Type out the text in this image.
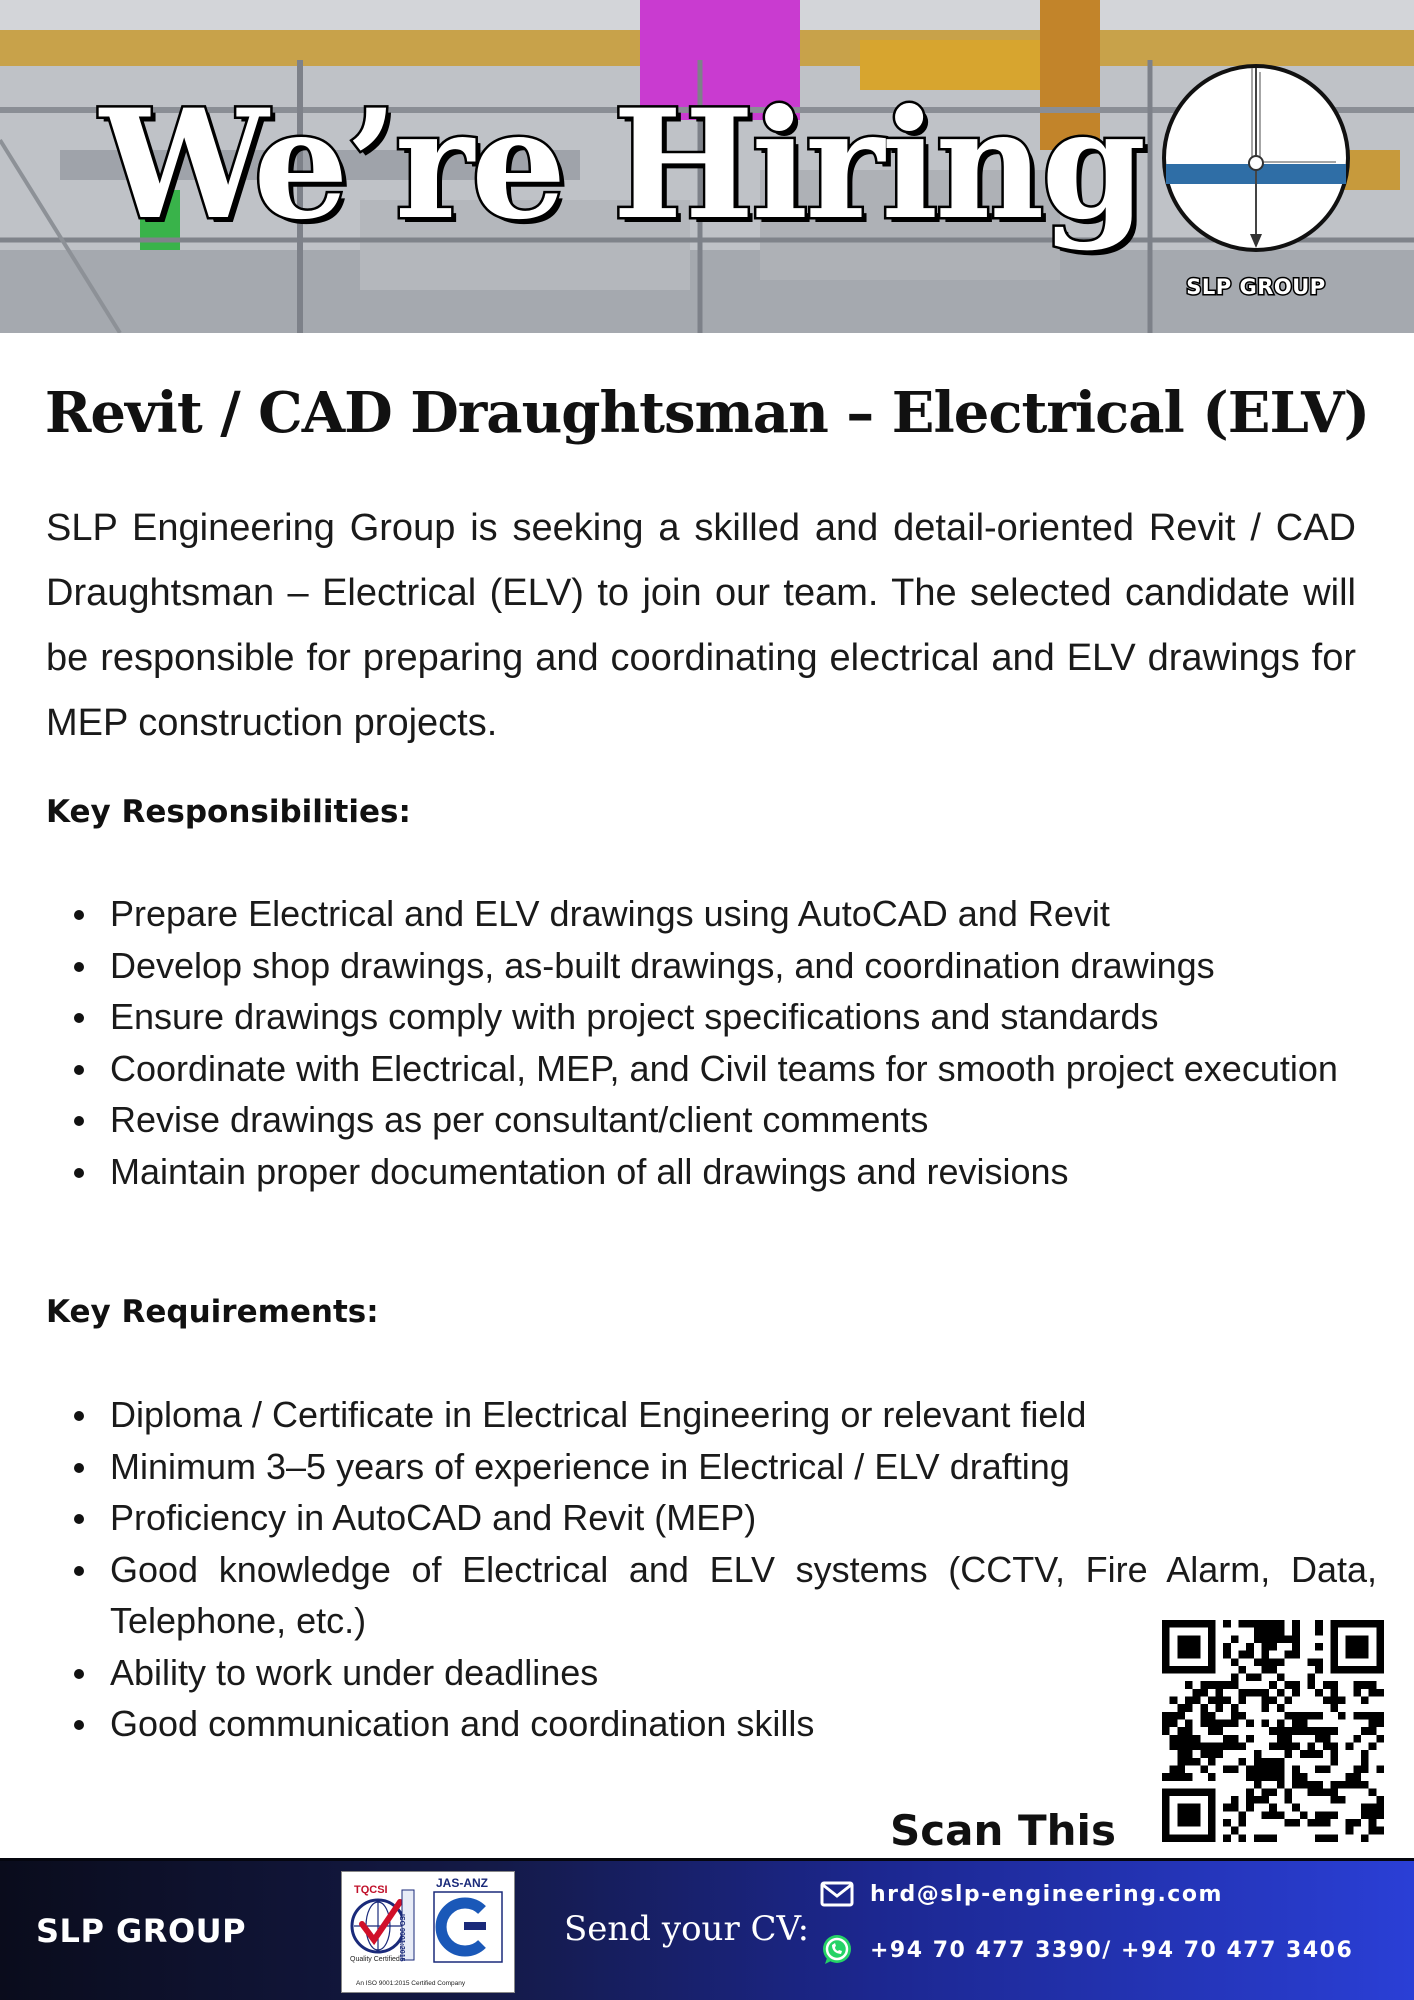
We’re Hiring
SLP GROUP
Revit / CAD Draughtsman – Electrical (ELV)

SLP Engineering Group is seeking a skilled and detail-oriented Revit / CAD Draughtsman – Electrical (ELV) to join our team. The selected candidate will be responsible for preparing and coordinating electrical and ELV drawings for MEP construction projects.

Key Responsibilities:
Prepare Electrical and ELV drawings using AutoCAD and Revit
Develop shop drawings, as-built drawings, and coordination drawings
Ensure drawings comply with project specifications and standards
Coordinate with Electrical, MEP, and Civil teams for smooth project execution
Revise drawings as per consultant/client comments
Maintain proper documentation of all drawings and revisions
Key Requirements:
Diploma / Certificate in Electrical Engineering or relevant field
Minimum 3–5 years of experience in Electrical / ELV drafting
Proficiency in AutoCAD and Revit (MEP)
Good knowledge of Electrical and ELV systems (CCTV, Fire Alarm, Data, Telephone, etc.)
Ability to work under deadlines
Good communication and coordination skills
Scan This
SLP GROUP
TQCSI	JAS-ANZ
ISO 9001:2015
Quality Certified
An ISO 9001:2015 Certified Company
Send your CV:
hrd@slp-engineering.com
+94 70 477 3390/ +94 70 477 3406
